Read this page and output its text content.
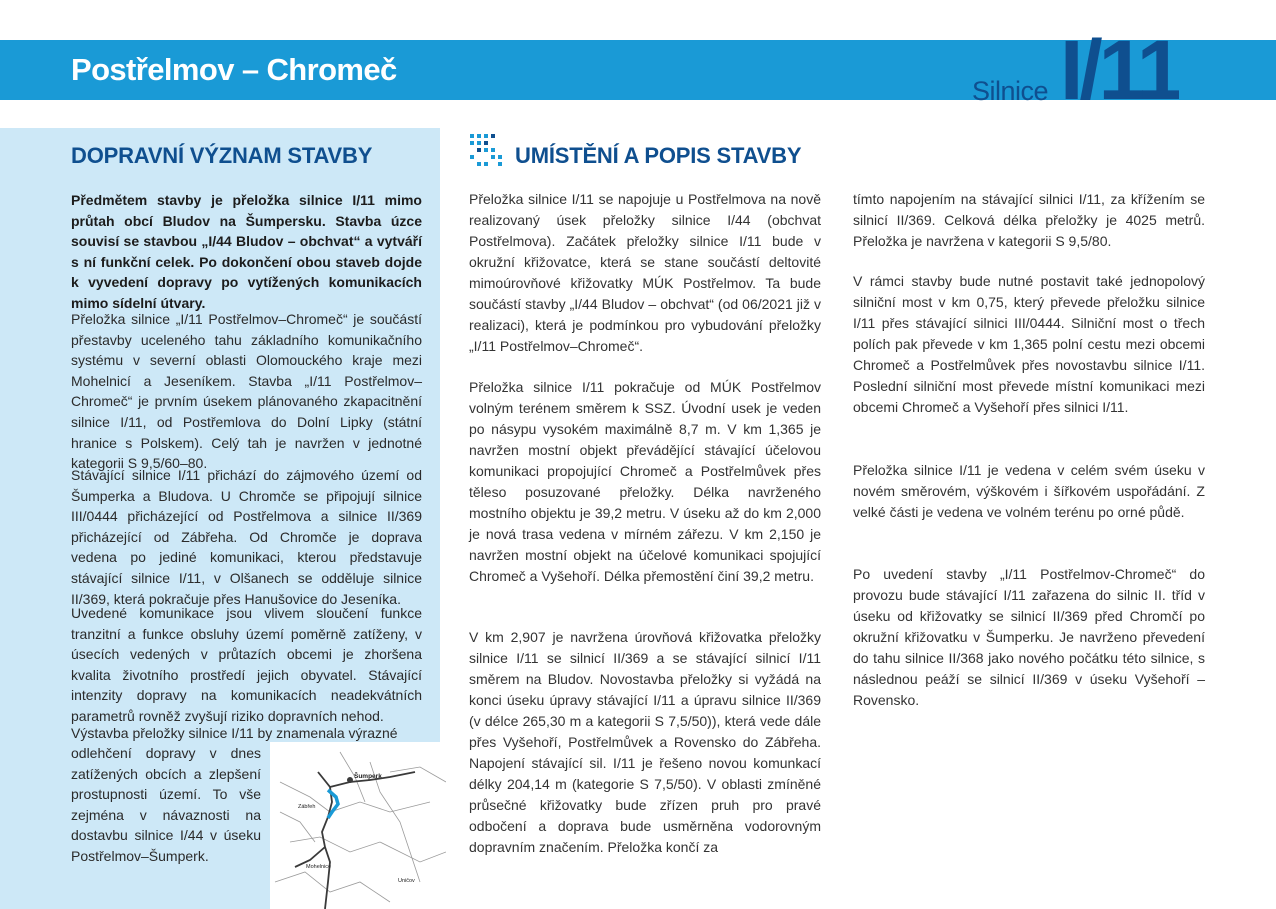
Postřelmov – Chromeč
Silnice I/11
DOPRAVNÍ VÝZNAM STAVBY

Předmětem stavby je přeložka silnice I/11 mimo průtah obcí Bludov na Šumpersku. Stavba úzce souvisí se stavbou „I/44 Bludov – obchvat“ a vytváří s ní funkční celek. Po dokončení obou staveb dojde k vyvedení dopravy po vytížených komunikacích mimo sídelní útvary.

Přeložka silnice „I/11 Postřelmov–Chromeč“ je součástí přestavby uceleného tahu základního komunikačního systému v severní oblasti Olomouckého kraje mezi Mohelnicí a Jeseníkem. Stavba „I/11 Postřelmov–Chromeč“ je prvním úsekem plánovaného zkapacitnění silnice I/11, od Postřemlova do Dolní Lipky (státní hranice s Polskem). Celý tah je navržen v jednotné kategorii S 9,5/60–80.

Stávající silnice I/11 přichází do zájmového území od Šumperka a Bludova. U Chromče se připojují silnice III/0444 přicházející od Postřelmova a silnice II/369 přicházející od Zábřeha. Od Chromče je doprava vedena po jediné komunikaci, kterou představuje stávající silnice I/11, v Olšanech se odděluje silnice II/369, která pokračuje přes Hanušovice do Jeseníka.

Uvedené komunikace jsou vlivem sloučení funkce tranzitní a funkce obsluhy území poměrně zatíženy, v úsecích vedených v průtazích obcemi je zhoršena kvalita životního prostředí jejich obyvatel. Stávající intenzity dopravy na komunikacích neadekvátních parametrů rovněž zvyšují riziko dopravních nehod.

Výstavba přeložky silnice I/11 by znamenala výrazné

odlehčení dopravy v dnes zatížených obcích a zlepšení prostupnosti území. To vše zejména v návaznosti na dostavbu silnice I/44 v úseku Postřelmov–Šumperk.

Šumperk
Zábřeh
Mohelnice
Uničov
UMÍSTĚNÍ A POPIS STAVBY

Přeložka silnice I/11 se napojuje u Postřelmova na nově realizovaný úsek přeložky silnice I/44 (obchvat Postřelmova). Začátek přeložky silnice I/11 bude v okružní křižovatce, která se stane součástí deltovité mimoúrovňové křižovatky MÚK Postřelmov. Ta bude součástí stavby „I/44 Bludov – obchvat“ (od 06/2021 již v realizaci), která je podmínkou pro vybudování přeložky „I/11 Postřelmov–Chromeč“.

Přeložka silnice I/11 pokračuje od MÚK Postřelmov volným terénem směrem k SSZ. Úvodní usek je veden po násypu vysokém maximálně 8,7 m. V km 1,365 je navržen mostní objekt převádějící stávající účelovou komunikaci propojující Chromeč a Postřelmůvek přes těleso posuzované přeložky. Délka navrženého mostního objektu je 39,2 metru. V úseku až do km 2,000 je nová trasa vedena v mírném zářezu. V km 2,150 je navržen mostní objekt na účelové komunikaci spojující Chromeč a Vyšehoří. Délka přemostění činí 39,2 metru.

V km 2,907 je navržena úrovňová křižovatka přeložky silnice I/11 se silnicí II/369 a se stávající silnicí I/11 směrem na Bludov. Novostavba přeložky si vyžádá na konci úseku úpravy stávající I/11 a úpravu silnice II/369 (v délce 265,30 m a kategorii S 7,5/50)), která vede dále přes Vyšehoří, Postřelmůvek a Rovensko do Zábřeha. Napojení stávající sil. I/11 je řešeno novou komunkací délky 204,14 m (kategorie S 7,5/50). V oblasti zmíněné průsečné křižovatky bude zřízen pruh pro pravé odbočení a doprava bude usměrněna vodorovným dopravním značením. Přeložka končí za

tímto napojením na stávající silnici I/11, za křížením se silnicí II/369. Celková délka přeložky je 4025 metrů. Přeložka je navržena v kategorii S 9,5/80.

V rámci stavby bude nutné postavit také jednopolový silniční most v km 0,75, který převede přeložku silnice I/11 přes stávající silnici III/0444. Silniční most o třech polích pak převede v km 1,365 polní cestu mezi obcemi Chromeč a Postřelmůvek přes novostavbu silnice I/11. Poslední silniční most převede místní komunikaci mezi obcemi Chromeč a Vyšehoří přes silnici I/11.

Přeložka silnice I/11 je vedena v celém svém úseku v novém směrovém, výškovém i šířkovém uspořádání. Z velké části je vedena ve volném terénu po orné půdě.

Po uvedení stavby „I/11 Postřelmov-Chromeč“ do provozu bude stávající I/11 zařazena do silnic II. tříd v úseku od křižovatky se silnicí II/369 před Chromčí po okružní křižovatku v Šumperku. Je navrženo převedení do tahu silnice II/368 jako nového počátku této silnice, s následnou peáží se silnicí II/369 v úseku Vyšehoří – Rovensko.
